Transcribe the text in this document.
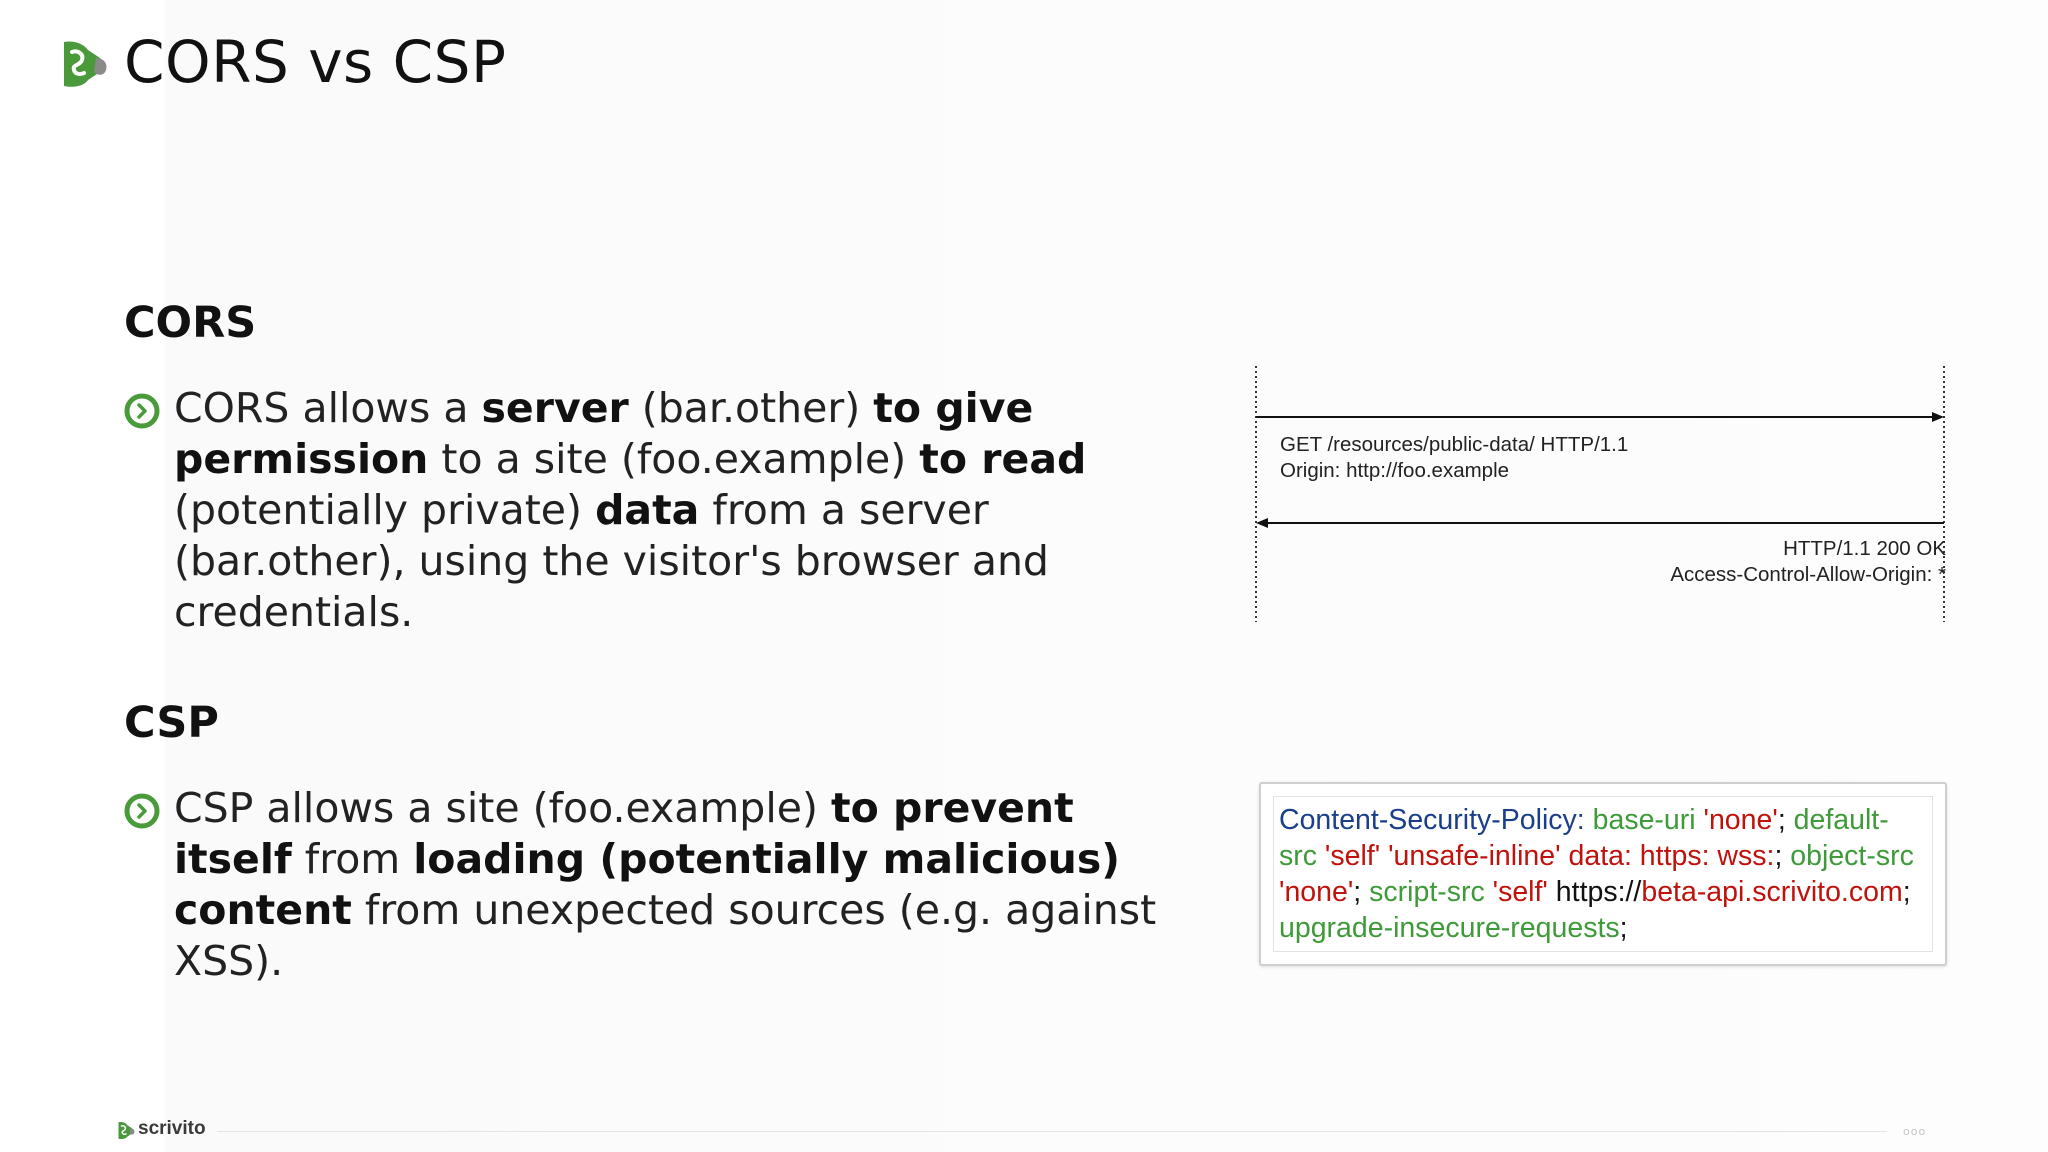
CORS vs CSP
CORS
CORS allows a server (bar.other) to give permission to a site (foo.example) to read (potentially private) data from a server (bar.other), using the visitor's browser and credentials.
CSP
CSP allows a site (foo.example) to prevent itself from loading (potentially malicious) content from unexpected sources (e.g. against XSS).
GET /resources/public-data/ HTTP/1.1
Origin: http://foo.example
HTTP/1.1 200 OK
Access-Control-Allow-Origin: *
Content-Security-Policy: base-uri 'none'; default-src 'self' 'unsafe-inline' data: https: wss:; object-src 'none'; script-src 'self' https://beta-api.scrivito.com; upgrade-insecure-requests;
scrivito	ooo
